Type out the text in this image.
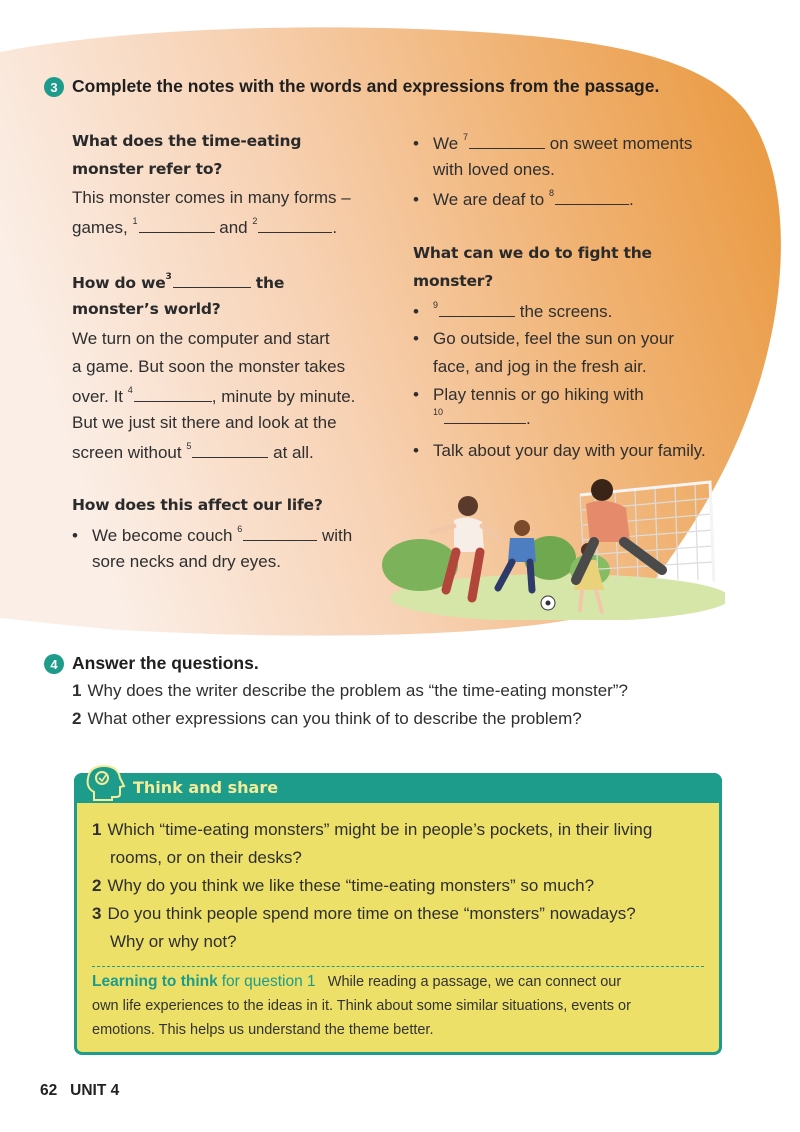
3 Complete the notes with the words and expressions from the passage.
What does the time-eating
monster refer to?
This monster comes in many forms –
games, $^1$	and $^2$	.
How do $we^3$	the
monster’s world?
We turn on the computer and start
a game. But soon the monster takes
over. It $^4$	, minute by minute.
But we just sit there and look at the
screen without $^5$	at all.
How does this affect our life?
• We become couch $^6$	with
sore necks and dry eyes.
• We $^7$	on sweet moments
with loved ones.
• We are deaf to $^8$	.
What can we do to fight the
monster?
• $^9$	the screens.
• Go outside, feel the sun on your
face, and jog in the fresh air.
• Play tennis or go hiking with
$^{10}$	.
• Talk about your day with your family.
4 Answer the questions.
1 Why does the writer describe the problem as “the time-eating monster”?
2 What other expressions can you think of to describe the problem?
Think and share
1 Which “time-eating monsters” might be in people’s pockets, in their living
rooms, or on their desks?
2 Why do you think we like these “time-eating monsters” so much?
3 Do you think people spend more time on these “monsters” nowadays?
Why or why not?
Learning to think for question 1 While reading a passage, we can connect our
own life experiences to the ideas in it. Think about some similar situations, events or
emotions. This helps us understand the theme better.
62 UNIT 4
